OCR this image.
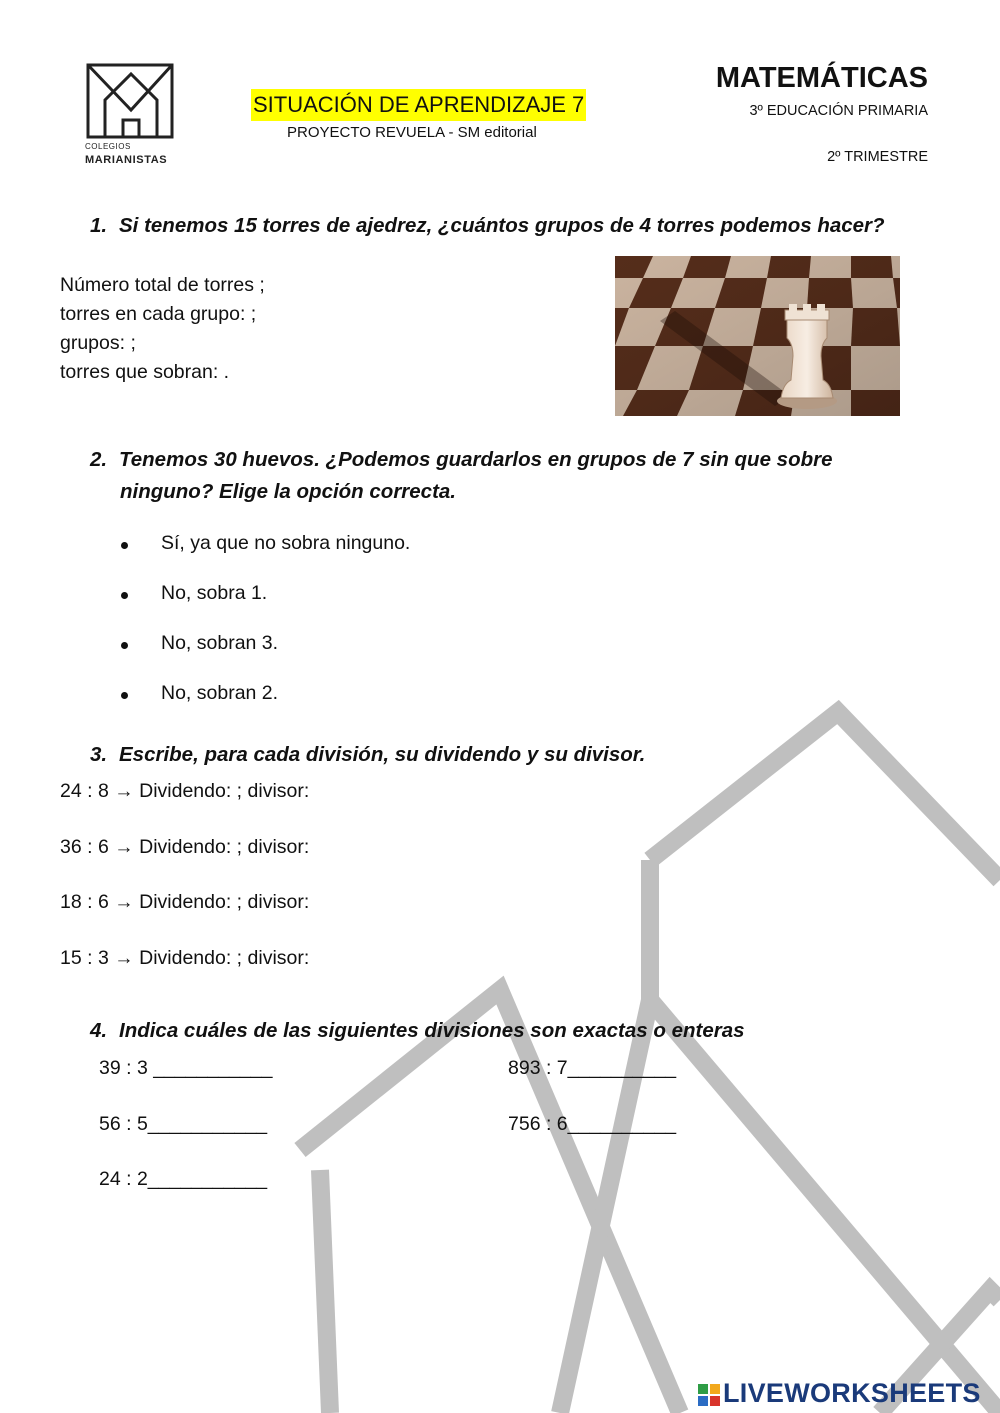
COLEGIOS
MARIANISTAS
SITUACIÓN DE APRENDIZAJE 7
PROYECTO REVUELA - SM editorial
MATEMÁTICAS
3º EDUCACIÓN PRIMARIA
2º TRIMESTRE
1. Si tenemos 15 torres de ajedrez, ¿cuántos grupos de 4 torres podemos hacer?
Número total de torres ;
torres en cada grupo: ;
grupos: ;
torres que sobran: .
2. Tenemos 30 huevos. ¿Podemos guardarlos en grupos de 7 sin que sobre
ninguno? Elige la opción correcta.
Sí, ya que no sobra ninguno.
No, sobra 1.
No, sobran 3.
No, sobran 2.
3. Escribe, para cada división, su dividendo y su divisor.
24 : 8 → Dividendo: ; divisor:
36 : 6 → Dividendo: ; divisor:
18 : 6 → Dividendo: ; divisor:
15 : 3 → Dividendo: ; divisor:
4. Indica cuáles de las siguientes divisiones son exactas o enteras
39 : 3 ___________
56 : 5___________
24 : 2___________
893 : 7__________
756 : 6__________
LIVEWORKSHEETS
